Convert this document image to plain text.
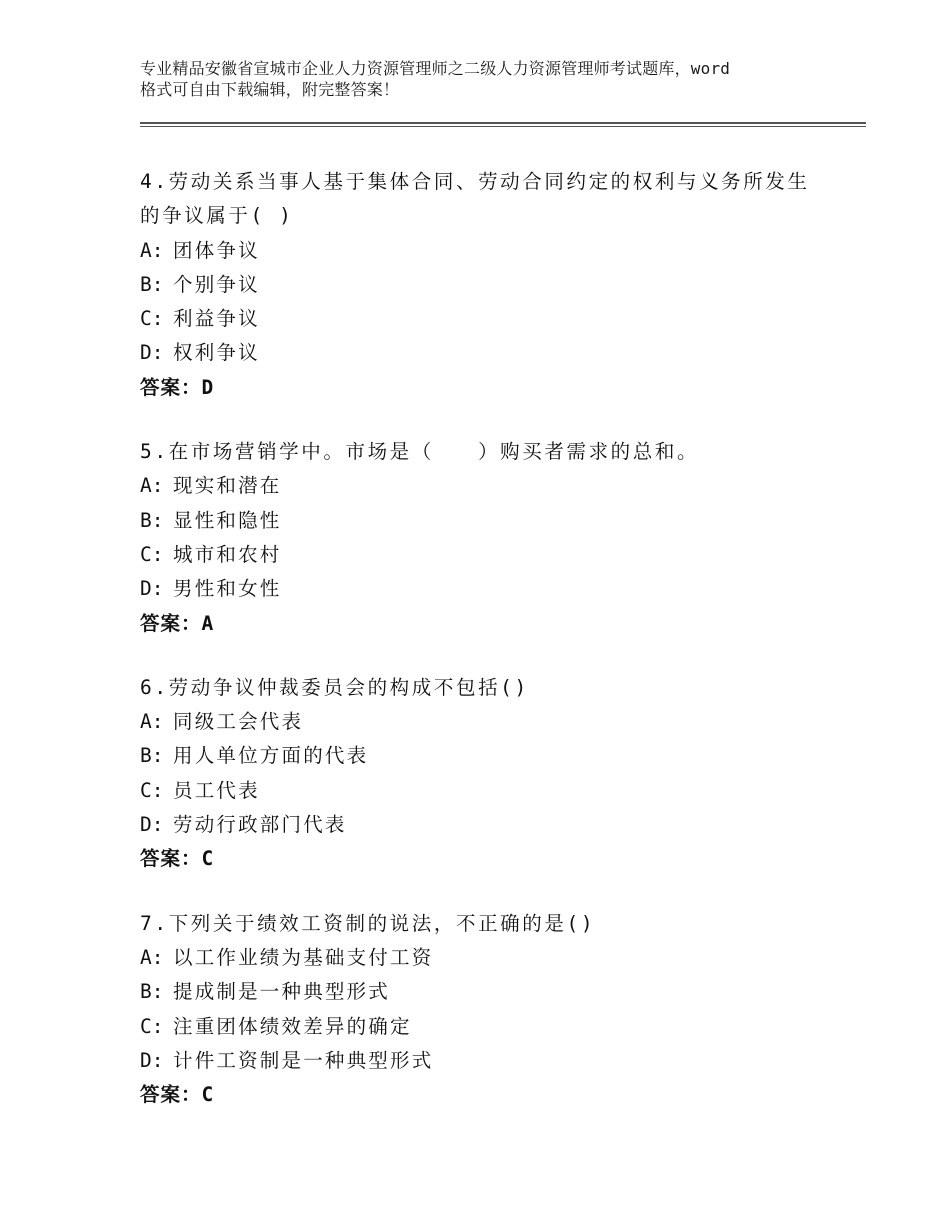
专业精品安徽省宣城市企业人力资源管理师之二级人力资源管理师考试题库，word
格式可自由下载编辑，附完整答案！
4.劳动关系当事人基于集体合同、劳动合同约定的权利与义务所发生
的争议属于( )
A: 团体争议
B: 个别争议
C: 利益争议
D: 权利争议
答案：D
5.在市场营销学中。市场是（　　）购买者需求的总和。
A: 现实和潜在
B: 显性和隐性
C: 城市和农村
D: 男性和女性
答案：A
6.劳动争议仲裁委员会的构成不包括()
A: 同级工会代表
B: 用人单位方面的代表
C: 员工代表
D: 劳动行政部门代表
答案：C
7.下列关于绩效工资制的说法，不正确的是()
A: 以工作业绩为基础支付工资
B: 提成制是一种典型形式
C: 注重团体绩效差异的确定
D: 计件工资制是一种典型形式
答案：C
